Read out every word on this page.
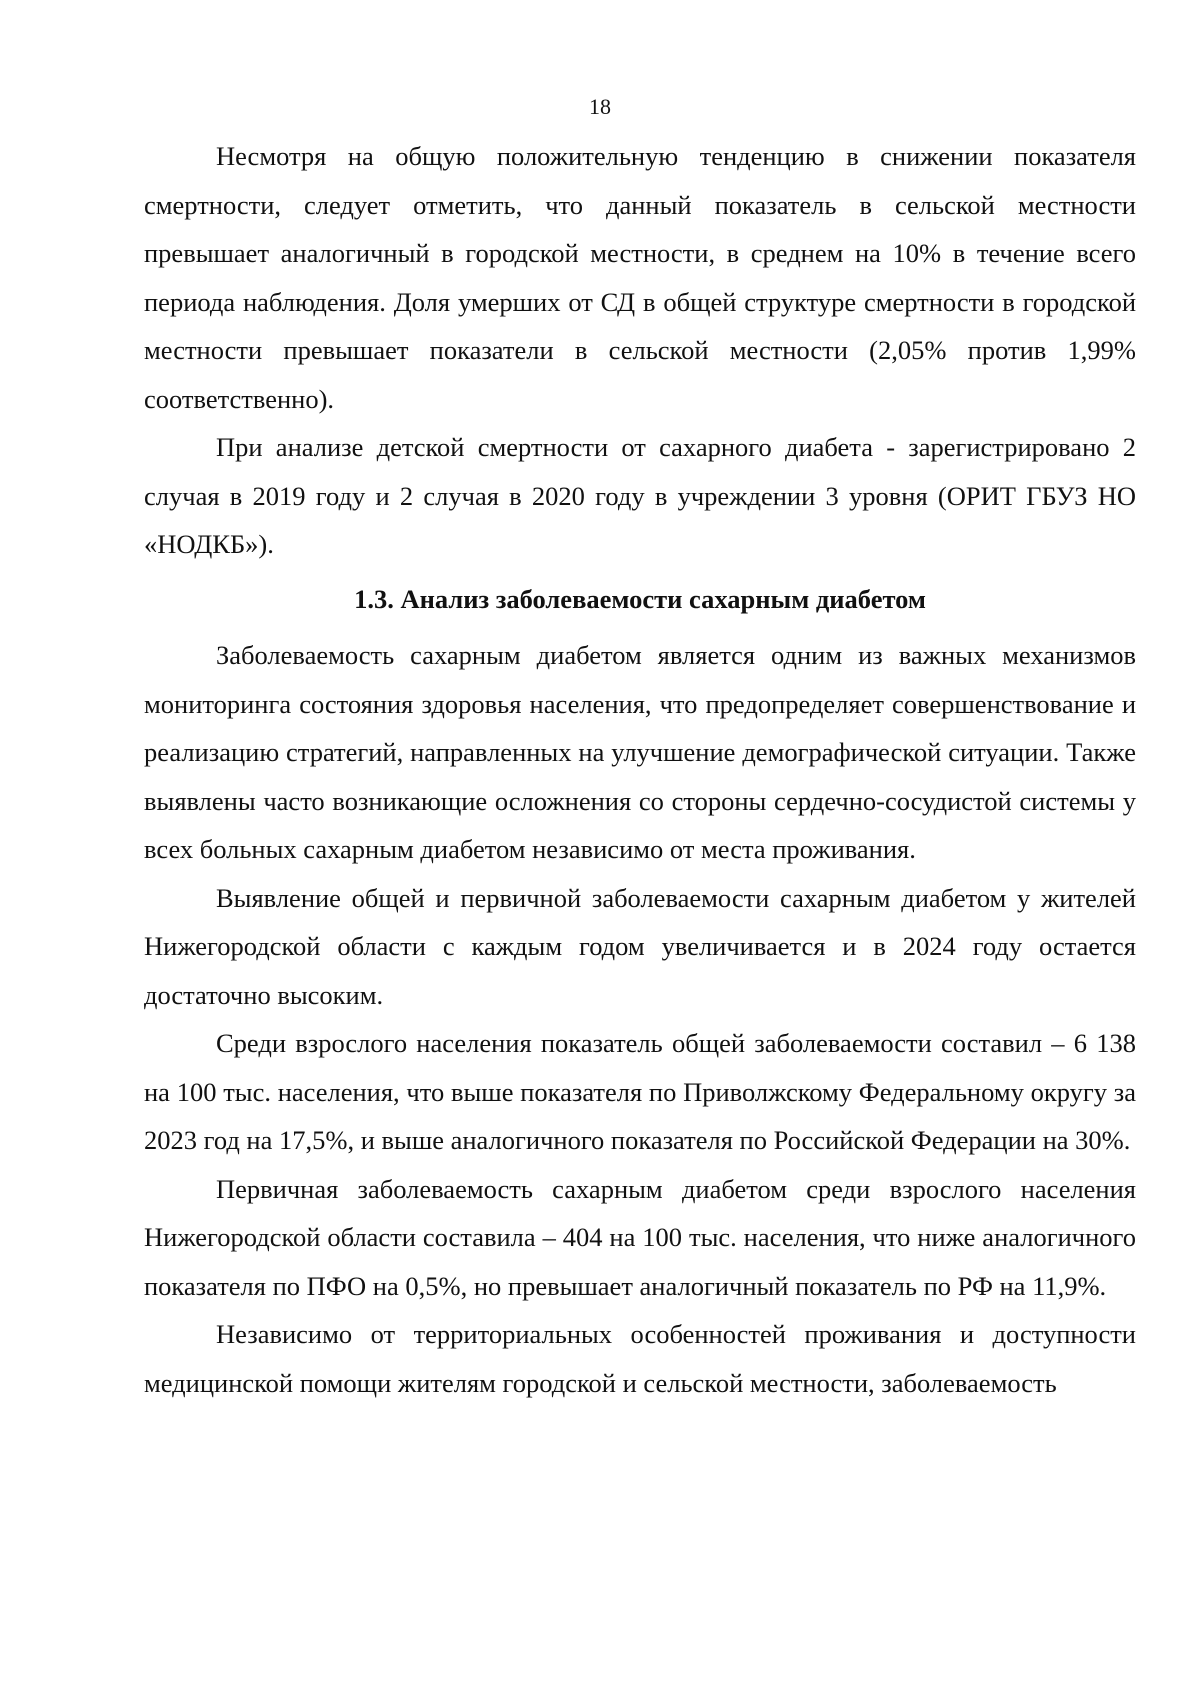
18

Несмотря на общую положительную тенденцию в снижении показателя смертности, следует отметить, что данный показатель в сельской местности превышает аналогичный в городской местности, в среднем на 10% в течение всего периода наблюдения. Доля умерших от СД в общей структуре смертности в городской местности превышает показатели в сельской местности (2,05% против 1,99% соответственно).

При анализе детской смертности от сахарного диабета - зарегистрировано 2 случая в 2019 году и 2 случая в 2020 году в учреждении 3 уровня (ОРИТ ГБУЗ НО «НОДКБ»).

1.3. Анализ заболеваемости сахарным диабетом

Заболеваемость сахарным диабетом является одним из важных механизмов мониторинга состояния здоровья населения, что предопределяет совершенствование и реализацию стратегий, направленных на улучшение демографической ситуации. Также выявлены часто возникающие осложнения со стороны сердечно-сосудистой системы у всех больных сахарным диабетом независимо от места проживания.

Выявление общей и первичной заболеваемости сахарным диабетом у жителей Нижегородской области с каждым годом увеличивается и в 2024 году остается достаточно высоким.

Среди взрослого населения показатель общей заболеваемости составил – 6 138 на 100 тыс. населения, что выше показателя по Приволжскому Федеральному округу за 2023 год на 17,5%, и выше аналогичного показателя по Российской Федерации на 30%.

Первичная заболеваемость сахарным диабетом среди взрослого населения Нижегородской области составила – 404 на 100 тыс. населения, что ниже аналогичного показателя по ПФО на 0,5%, но превышает аналогичный показатель по РФ на 11,9%.

Независимо от территориальных особенностей проживания и доступности медицинской помощи жителям городской и сельской местности, заболеваемость
